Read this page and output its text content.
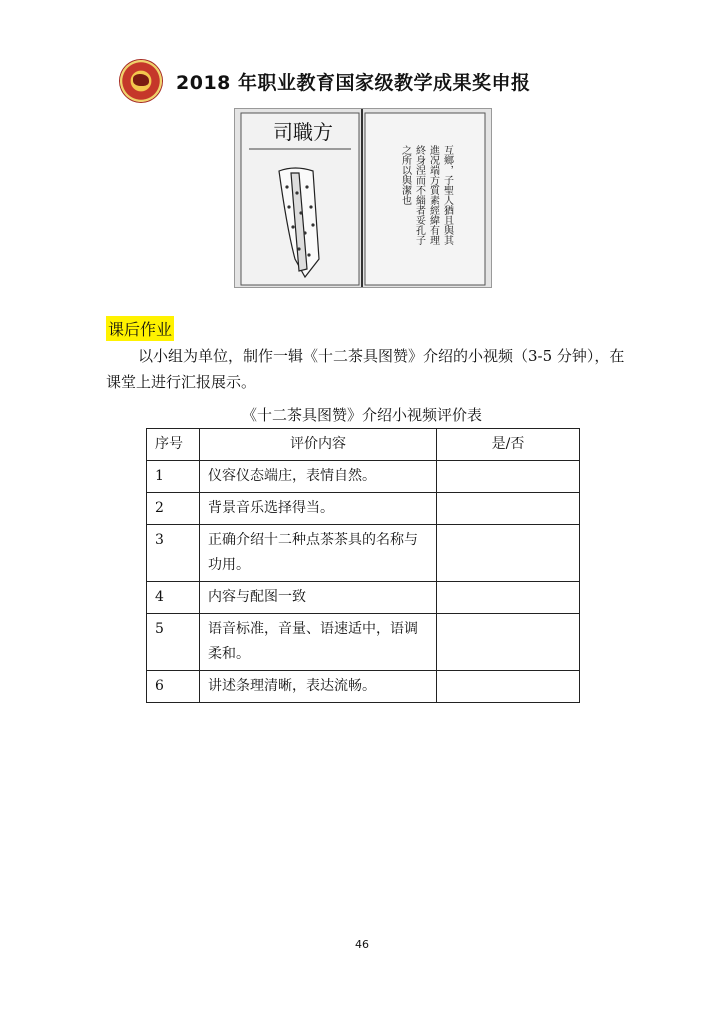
2018 年职业教育国家级教学成果奖申报
司職方
互鄉，子聖人猶且與其
進况端方質素經緯有理
終身涅而不緇者妥孔子
之所以與潔也
课后作业
以小组为单位，制作一辑《十二茶具图赞》介绍的小视频（3-5 分钟），在
课堂上进行汇报展示。
《十二茶具图赞》介绍小视频评价表
序号	评价内容	是/否
1	仪容仪态端庄，表情自然。	
2	背景音乐选择得当。	
3	正确介绍十二种点茶茶具的名称与
功用。	

4	内容与配图一致	
5	语音标准，音量、语速适中，语调
柔和。	

6	讲述条理清晰，表达流畅。	
46
